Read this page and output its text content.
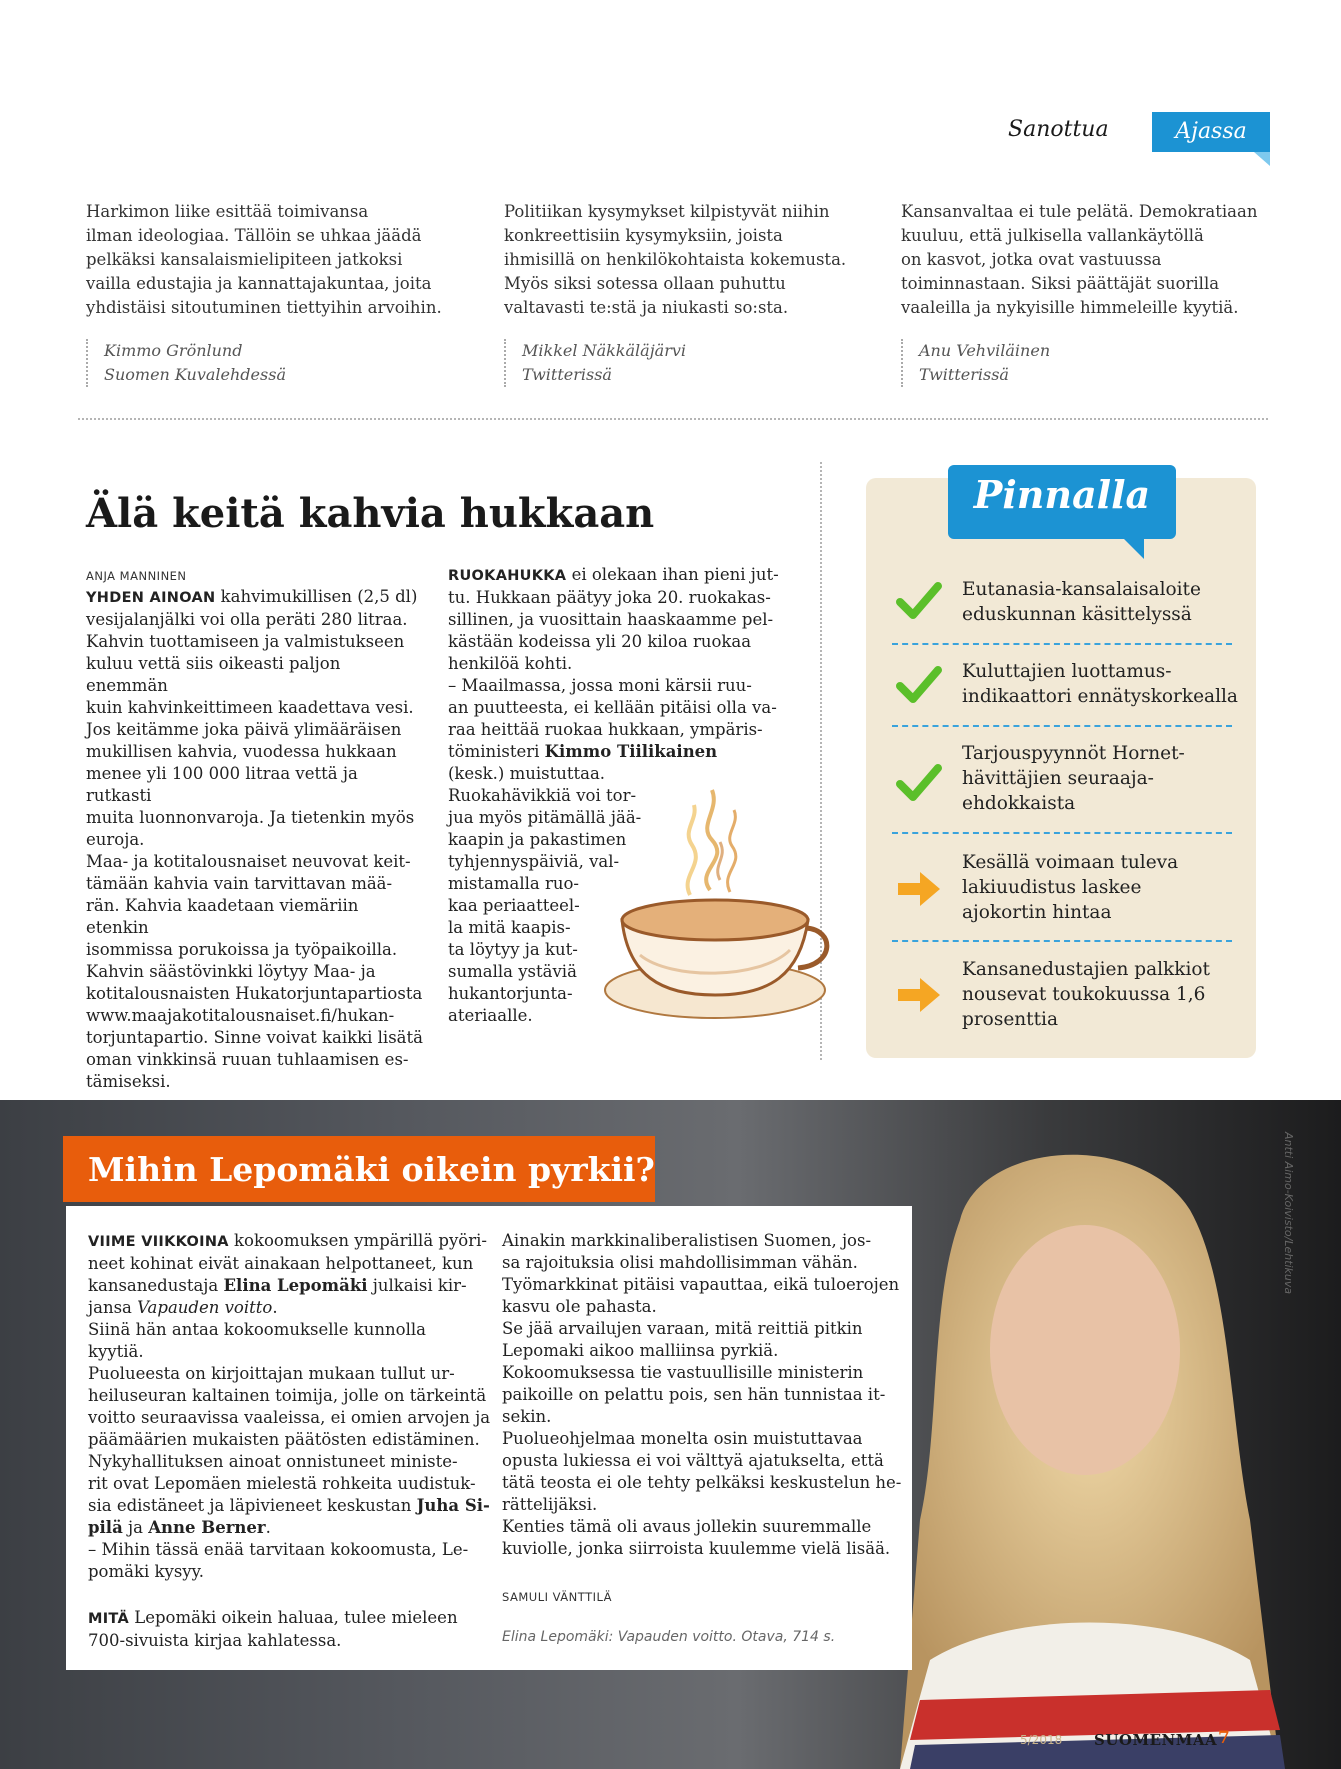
Sanottua	Ajassa
Harkimon liike esittää toimivansa
ilman ideologiaa. Tällöin se uhkaa jäädä
pelkäksi kansalaismielipiteen jatkoksi
vailla edustajia ja kannattajakuntaa, joita
yhdistäisi sitoutuminen tiettyihin arvoihin.
Kimmo Grönlund
Suomen Kuvalehdessä
Politiikan kysymykset kilpistyvät niihin
konkreettisiin kysymyksiin, joista
ihmisillä on henkilökohtaista kokemusta.
Myös siksi sotessa ollaan puhuttu
valtavasti te:stä ja niukasti so:sta.
Mikkel Näkkäläjärvi
Twitterissä
Kansanvaltaa ei tule pelätä. Demokratiaan
kuuluu, että julkisella vallankäytöllä
on kasvot, jotka ovat vastuussa
toiminnastaan. Siksi päättäjät suorilla
vaaleilla ja nykyisille himmeleille kyytiä.
Anu Vehviläinen
Twitterissä
Älä keitä kahvia hukkaan
ANJA MANNINEN
YHDEN AINOAN kahvimukillisen (2,5 dl)
vesijalanjälki voi olla peräti 280 litraa.
Kahvin tuottamiseen ja valmistukseen
kuluu vettä siis oikeasti paljon enemmän
kuin kahvinkeittimeen kaadettava vesi.
Jos keitämme joka päivä ylimääräisen
mukillisen kahvia, vuodessa hukkaan
menee yli 100 000 litraa vettä ja rutkasti
muita luonnonvaroja. Ja tietenkin myös
euroja.
Maa- ja kotitalousnaiset neuvovat keit-
tämään kahvia vain tarvittavan mää-
rän. Kahvia kaadetaan viemäriin etenkin
isommissa porukoissa ja työpaikoilla.
Kahvin säästövinkki löytyy Maa- ja
kotitalousnaisten Hukatorjuntapartiosta
www.maajakotitalousnaiset.fi/hukan-
torjuntapartio. Sinne voivat kaikki lisätä
oman vinkkinsä ruuan tuhlaamisen es-
tämiseksi.
RUOKAHUKKA ei olekaan ihan pieni jut-
tu. Hukkaan päätyy joka 20. ruokakas-
sillinen, ja vuosittain haaskaamme pel-
kästään kodeissa yli 20 kiloa ruokaa
henkilöä kohti.
– Maailmassa, jossa moni kärsii ruu-
an puutteesta, ei kellään pitäisi olla va-
raa heittää ruokaa hukkaan, ympäris-
töministeri Kimmo Tiilikainen
(kesk.) muistuttaa.
Ruokahävikkiä voi tor-
jua myös pitämällä jää-
kaapin ja pakastimen
tyhjennyspäiviä, val-
mistamalla ruo-
kaa periaatteel-
la mitä kaapis-
ta löytyy ja kut-
sumalla ystäviä
hukantorjunta-
ateriaalle.
Pinnalla
Eutanasia-kansalaisaloite
eduskunnan käsittelyssä
Kuluttajien luottamus-
indikaattori ennätyskorkealla
Tarjouspyynnöt Hornet-
hävittäjien seuraaja-
ehdokkaista
Kesällä voimaan tuleva
lakiuudistus laskee
ajokortin hintaa
Kansanedustajien palkkiot
nousevat toukokuussa 1,6
prosenttia
Antti Aimo-Koivisto/Lehtikuva
Mihin Lepomäki oikein pyrkii?
VIIME VIIKKOINA kokoomuksen ympärillä pyöri-
neet kohinat eivät ainakaan helpottaneet, kun
kansanedustaja Elina Lepomäki julkaisi kir-
jansa Vapauden voitto.
Siinä hän antaa kokoomukselle kunnolla
kyytiä.
Puolueesta on kirjoittajan mukaan tullut ur-
heiluseuran kaltainen toimija, jolle on tärkeintä
voitto seuraavissa vaaleissa, ei omien arvojen ja
päämäärien mukaisten päätösten edistäminen.
Nykyhallituksen ainoat onnistuneet ministe-
rit ovat Lepomäen mielestä rohkeita uudistuk-
sia edistäneet ja läpivieneet keskustan Juha Si-
pilä ja Anne Berner.
– Mihin tässä enää tarvitaan kokoomusta, Le-
pomäki kysyy.
MITÄ Lepomäki oikein haluaa, tulee mieleen
700-sivuista kirjaa kahlatessa.
Ainakin markkinaliberalistisen Suomen, jos-
sa rajoituksia olisi mahdollisimman vähän.
Työmarkkinat pitäisi vapauttaa, eikä tuloerojen
kasvu ole pahasta.
Se jää arvailujen varaan, mitä reittiä pitkin
Lepomaki aikoo malliinsa pyrkiä.
Kokoomuksessa tie vastuullisille ministerin
paikoille on pelattu pois, sen hän tunnistaa it-
sekin.
Puolueohjelmaa monelta osin muistuttavaa
opusta lukiessa ei voi välttyä ajatukselta, että
tätä teosta ei ole tehty pelkäksi keskustelun he-
rättelijäksi.
Kenties tämä oli avaus jollekin suuremmalle
kuviolle, jonka siirroista kuulemme vielä lisää.
SAMULI VÄNTTILÄ
Elina Lepomäki: Vapauden voitto. Otava, 714 s.
5/2018 SUOMENMAA 7
